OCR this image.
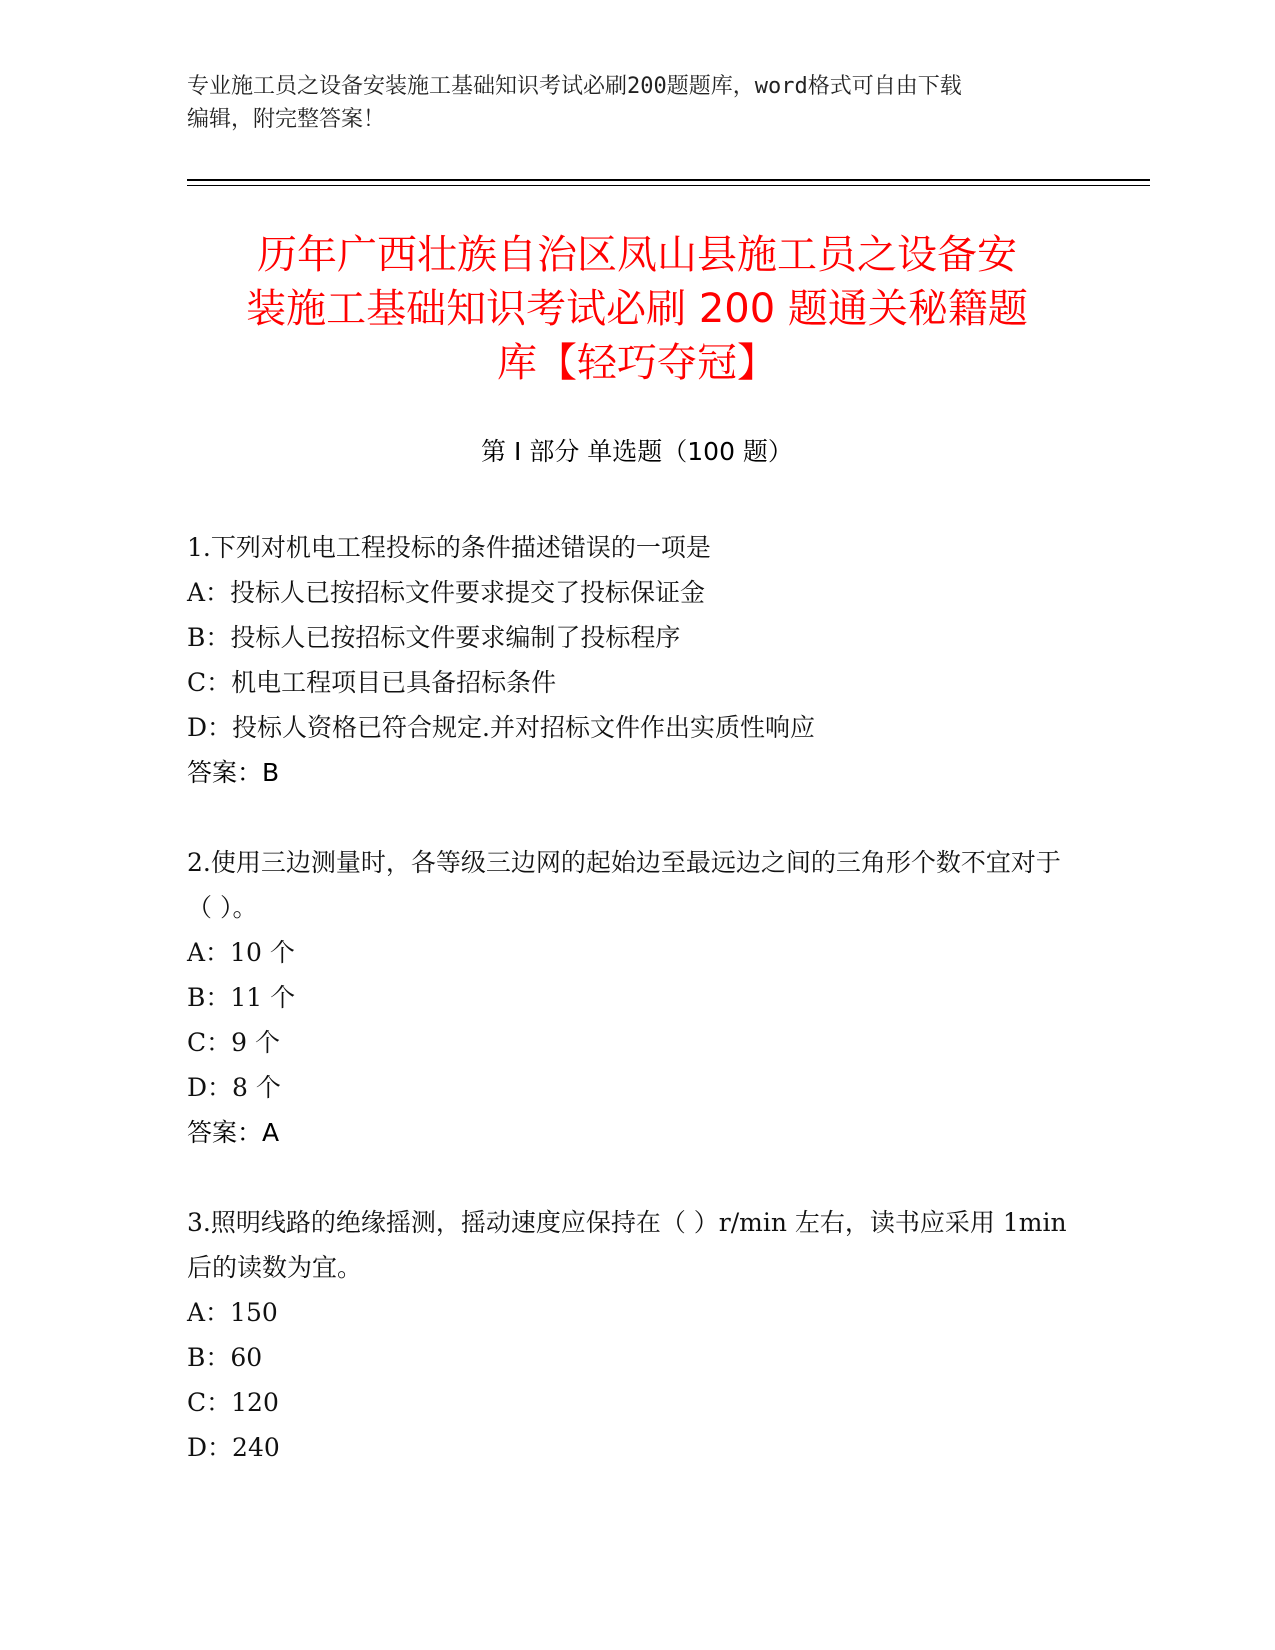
专业施工员之设备安装施工基础知识考试必刷200题题库，word格式可自由下载
编辑，附完整答案！
历年广西壮族自治区凤山县施工员之设备安
装施工基础知识考试必刷 200 题通关秘籍题
库【轻巧夺冠】
第 I 部分 单选题（100 题）
1.下列对机电工程投标的条件描述错误的一项是
A：投标人已按招标文件要求提交了投标保证金
B：投标人已按招标文件要求编制了投标程序
C：机电工程项目已具备招标条件
D：投标人资格已符合规定.并对招标文件作出实质性响应
答案：B
2.使用三边测量时，各等级三边网的起始边至最远边之间的三角形个数不宜对于（ ）。
A：10 个
B：11 个
C：9 个
D：8 个
答案：A
3.照明线路的绝缘摇测，摇动速度应保持在（ ）r/min 左右，读书应采用 1min 后的读数为宜。
A：150
B：60
C：120
D：240
